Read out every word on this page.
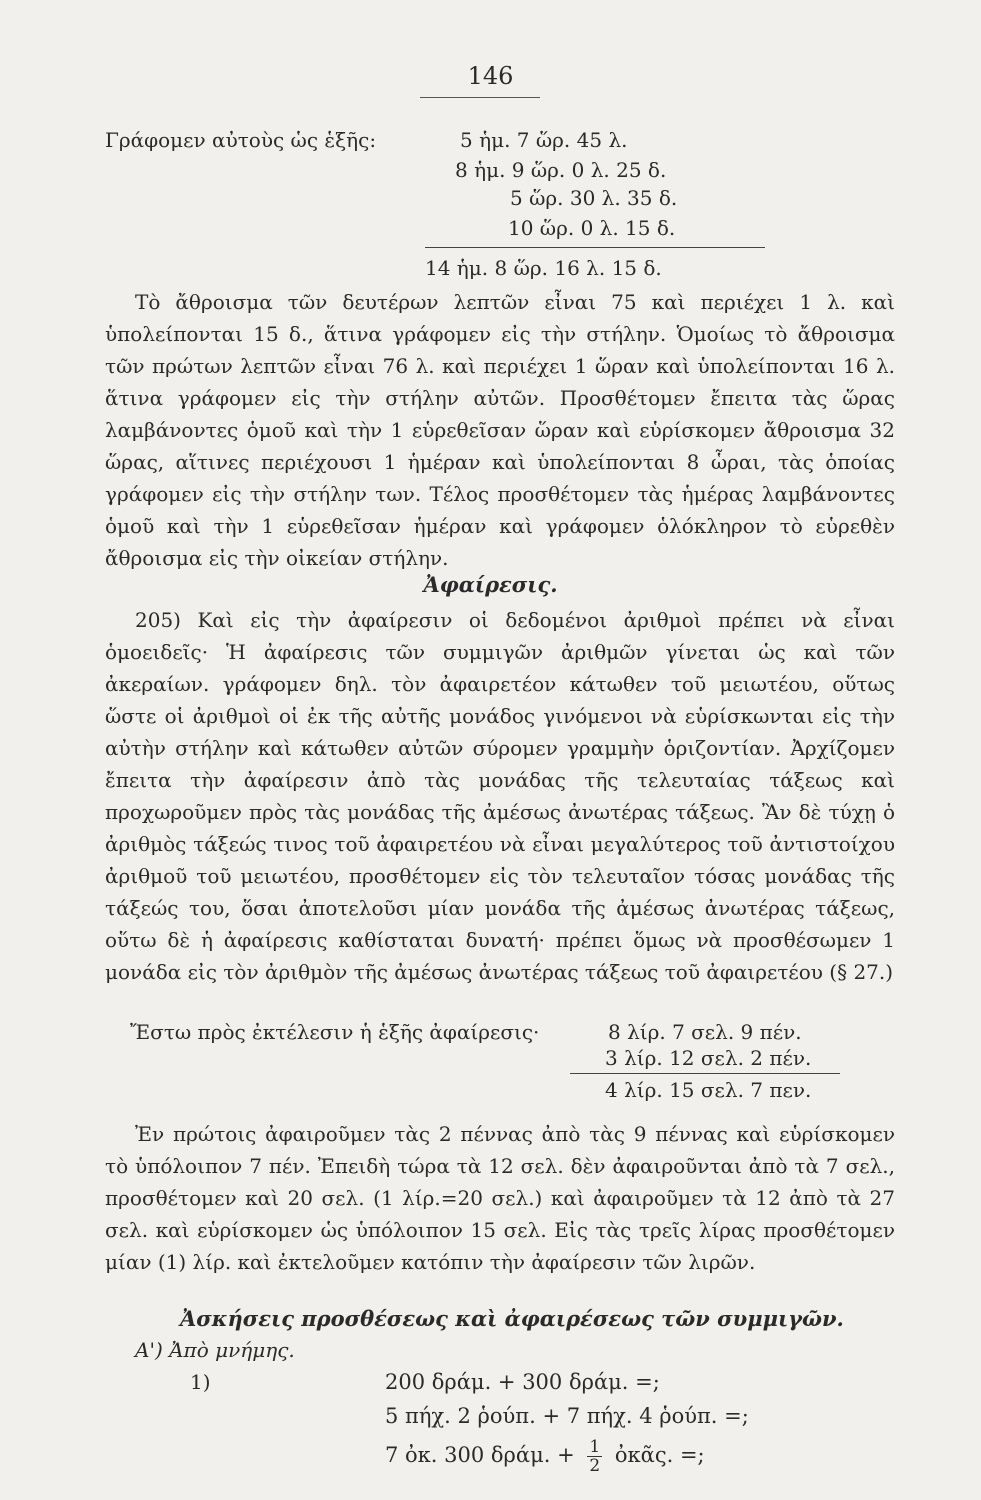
146
Γράφομεν αὐτοὺς ὡς ἑξῆς:	5 ἡμ. 7 ὥρ. 45 λ.
8 ἡμ. 9 ὥρ. 0 λ. 25 δ.
5 ὥρ. 30 λ. 35 δ.
10 ὥρ. 0 λ. 15 δ.
14 ἡμ. 8 ὥρ. 16 λ. 15 δ.
Τὸ ἄθροισμα τῶν δευτέρων λεπτῶν εἶναι 75 καὶ περιέχει 1 λ. καὶ ὑπολείπονται 15 δ., ἅτινα γράφομεν εἰς τὴν στήλην. Ὁμοίως τὸ ἄθροισμα τῶν πρώτων λεπτῶν εἶναι 76 λ. καὶ περιέχει 1 ὥραν καὶ ὑπολείπονται 16 λ. ἅτινα γράφομεν εἰς τὴν στήλην αὐτῶν. Προσθέτομεν ἔπειτα τὰς ὥρας λαμβάνοντες ὁμοῦ καὶ τὴν 1 εὑρεθεῖσαν ὥραν καὶ εὑρίσκομεν ἄθροισμα 32 ὥρας, αἵτινες περιέχουσι 1 ἡμέραν καὶ ὑπολείπονται 8 ὧραι, τὰς ὁποίας γράφομεν εἰς τὴν στήλην των. Τέλος προσθέτομεν τὰς ἡμέρας λαμβάνοντες ὁμοῦ καὶ τὴν 1 εὑρεθεῖσαν ἡμέραν καὶ γράφομεν ὁλόκληρον τὸ εὑρεθὲν ἄθροισμα εἰς τὴν οἰκείαν στήλην.
Ἀφαίρεσις.
205) Καὶ εἰς τὴν ἀφαίρεσιν οἱ δεδομένοι ἀριθμοὶ πρέπει νὰ εἶναι ὁμοειδεῖς· Ἡ ἀφαίρεσις τῶν συμμιγῶν ἀριθμῶν γίνεται ὡς καὶ τῶν ἀκεραίων. γράφομεν δηλ. τὸν ἀφαιρετέον κάτωθεν τοῦ μειωτέου, οὕτως ὥστε οἱ ἀριθμοὶ οἱ ἐκ τῆς αὐτῆς μονάδος γινόμενοι νὰ εὑρίσκωνται εἰς τὴν αὐτὴν στήλην καὶ κάτωθεν αὐτῶν σύρομεν γραμμὴν ὁριζοντίαν. Ἀρχίζομεν ἔπειτα τὴν ἀφαίρεσιν ἀπὸ τὰς μονάδας τῆς τελευταίας τάξεως καὶ προχωροῦμεν πρὸς τὰς μονάδας τῆς ἀμέσως ἀνωτέρας τάξεως. Ἂν δὲ τύχῃ ὁ ἀριθμὸς τάξεώς τινος τοῦ ἀφαιρετέου νὰ εἶναι μεγαλύτερος τοῦ ἀντιστοίχου ἀριθμοῦ τοῦ μειωτέου, προσθέτομεν εἰς τὸν τελευταῖον τόσας μονάδας τῆς τάξεώς του, ὅσαι ἀποτελοῦσι μίαν μονάδα τῆς ἀμέσως ἀνωτέρας τάξεως, οὕτω δὲ ἡ ἀφαίρεσις καθίσταται δυνατή· πρέπει ὅμως νὰ προσθέσωμεν 1 μονάδα εἰς τὸν ἀριθμὸν τῆς ἀμέσως ἀνωτέρας τάξεως τοῦ ἀφαιρετέου (§ 27.)
Ἔστω πρὸς ἐκτέλεσιν ἡ ἑξῆς ἀφαίρεσις·	8 λίρ. 7 σελ. 9 πέν.
3 λίρ. 12 σελ. 2 πέν.
4 λίρ. 15 σελ. 7 πεν.
Ἐν πρώτοις ἀφαιροῦμεν τὰς 2 πέννας ἀπὸ τὰς 9 πέννας καὶ εὑρίσκομεν τὸ ὑπόλοιπον 7 πέν. Ἐπειδὴ τώρα τὰ 12 σελ. δὲν ἀφαιροῦνται ἀπὸ τὰ 7 σελ., προσθέτομεν καὶ 20 σελ. (1 λίρ.=20 σελ.) καὶ ἀφαιροῦμεν τὰ 12 ἀπὸ τὰ 27 σελ. καὶ εὑρίσκομεν ὡς ὑπόλοιπον 15 σελ. Εἰς τὰς τρεῖς λίρας προσθέτομεν μίαν (1) λίρ. καὶ ἐκτελοῦμεν κατόπιν τὴν ἀφαίρεσιν τῶν λιρῶν.
Ἀσκήσεις προσθέσεως καὶ ἀφαιρέσεως τῶν συμμιγῶν.
Α') Ἀπὸ μνήμης.
1)	200 δράμ. + 300 δράμ. =;
5 πήχ. 2 ῥούπ. + 7 πήχ. 4 ῥούπ. =;
7 ὀκ. 300 δράμ. + $\frac{1}{2}$ ὀκᾶς. =;
